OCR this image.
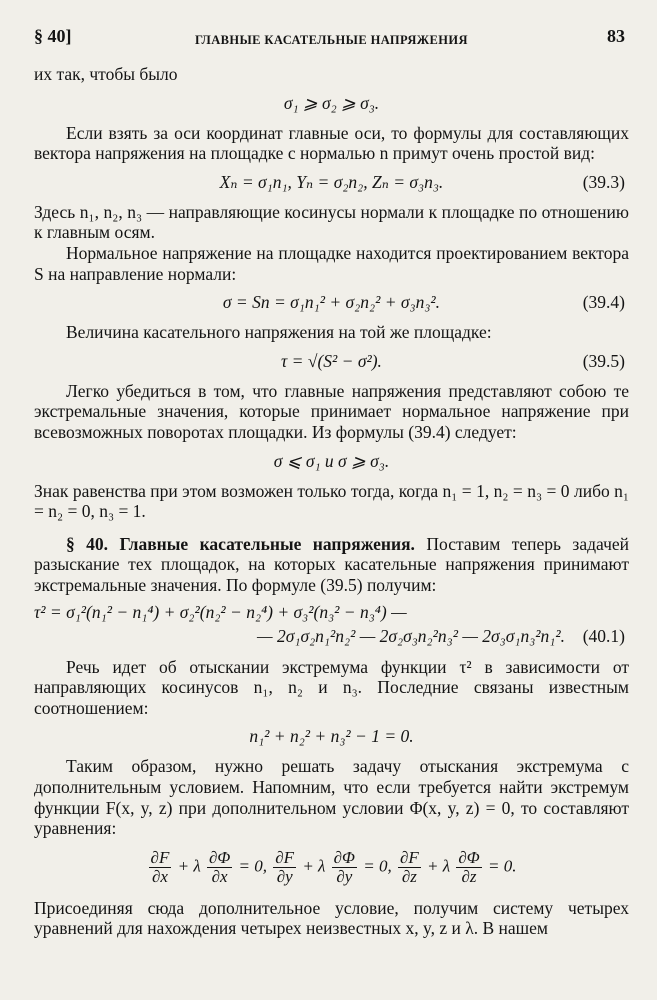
§ 40]	ГЛАВНЫЕ КАСАТЕЛЬНЫЕ НАПРЯЖЕНИЯ	83

их так, чтобы было

σ₁ ⩾ σ₂ ⩾ σ₃.

Если взять за оси координат главные оси, то формулы для составляющих вектора напряжения на площадке с нормалью n примут очень простой вид:

Xₙ = σ₁n₁, Yₙ = σ₂n₂, Zₙ = σ₃n₃.	(39.3)

Здесь n₁, n₂, n₃ — направляющие косинусы нормали к площадке по отношению к главным осям.

Нормальное напряжение на площадке находится проектированием вектора S на направление нормали:

σ = Sn = σ₁n₁² + σ₂n₂² + σ₃n₃².	(39.4)

Величина касательного напряжения на той же площадке:

τ = √(S² − σ²).	(39.5)

Легко убедиться в том, что главные напряжения представляют собою те экстремальные значения, которые принимает нормальное напряжение при всевозможных поворотах площадки. Из формулы (39.4) следует:

σ ⩽ σ₁ и σ ⩾ σ₃.

Знак равенства при этом возможен только тогда, когда n₁ = 1, n₂ = n₃ = 0 либо n₁ = n₂ = 0, n₃ = 1.

§ 40. Главные касательные напряжения. Поставим теперь задачей разыскание тех площадок, на которых касательные напряжения принимают экстремальные значения. По формуле (39.5) получим:

τ² = σ₁²(n₁² − n₁⁴) + σ₂²(n₂² − n₂⁴) + σ₃²(n₃² − n₃⁴) —
— 2σ₁σ₂n₁²n₂² — 2σ₂σ₃n₂²n₃² — 2σ₃σ₁n₃²n₁². (40.1)

Речь идет об отыскании экстремума функции τ² в зависимости от направляющих косинусов n₁, n₂ и n₃. Последние связаны известным соотношением:

n₁² + n₂² + n₃² − 1 = 0.

Таким образом, нужно решать задачу отыскания экстремума с дополнительным условием. Напомним, что если требуется найти экстремум функции F(x, y, z) при дополнительном условии Φ(x, y, z) = 0, то составляют уравнения:

$\frac{\partial F}{\partial x} + \lambda \frac{\partial\Phi}{\partial x} = 0$, $\frac{\partial F}{\partial y} + \lambda \frac{\partial\Phi}{\partial y} = 0$, $\frac{\partial F}{\partial z} + \lambda \frac{\partial\Phi}{\partial z} = 0$.

Присоединяя сюда дополнительное условие, получим систему четырех уравнений для нахождения четырех неизвестных x, y, z и λ. В нашем
